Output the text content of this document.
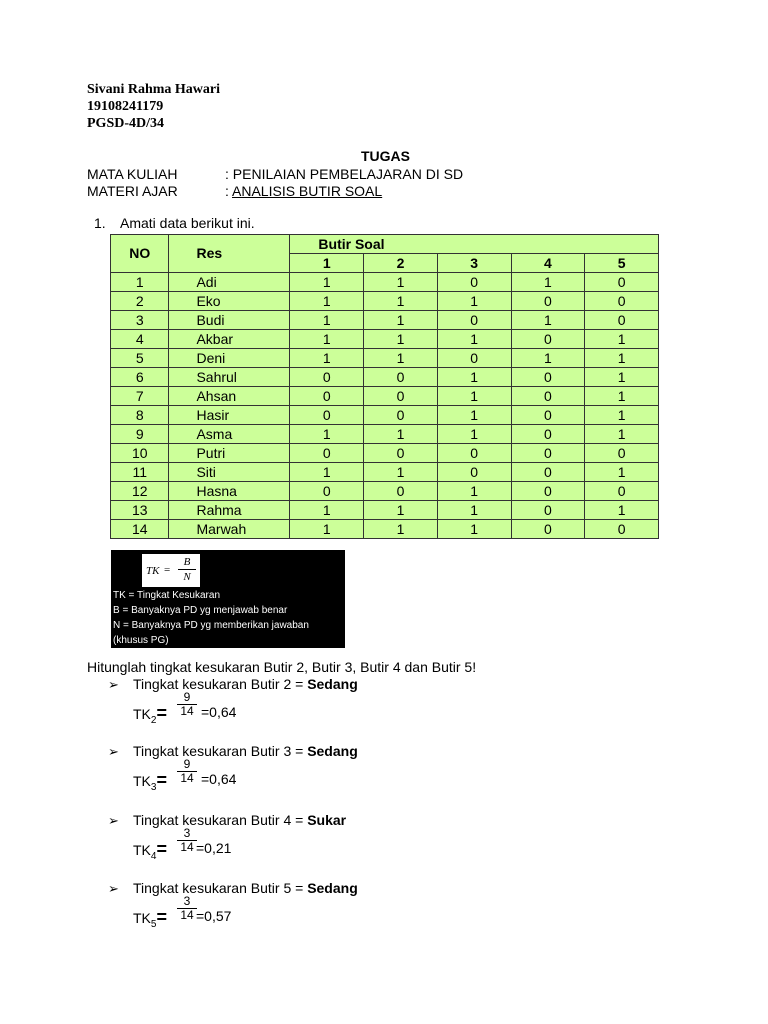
Sivani Rahma Hawari
19108241179
PGSD-4D/34
TUGAS
MATA KULIAH	: PENILAIAN PEMBELAJARAN DI SD
MATERI AJAR	: ANALISIS BUTIR SOAL
1. Amati data berikut ini.
NO	Res	Butir Soal				
		1	2	3	4	5
1	Adi	1	1	0	1	0
2	Eko	1	1	1	0	0
3	Budi	1	1	0	1	0
4	Akbar	1	1	1	0	1
5	Deni	1	1	0	1	1
6	Sahrul	0	0	1	0	1
7	Ahsan	0	0	1	0	1
8	Hasir	0	0	1	0	1
9	Asma	1	1	1	0	1
10	Putri	0	0	0	0	0
11	Siti	1	1	0	0	1
12	Hasna	0	0	1	0	0
13	Rahma	1	1	1	0	1
14	Marwah	1	1	1	0	0
TK =
B
N
TK = Tingkat Kesukaran
B = Banyaknya PD yg menjawab benar
N = Banyaknya PD yg memberikan jawaban
(khusus PG)
Hitunglah tingkat kesukaran Butir 2, Butir 3, Butir 4 dan Butir 5!
➢ Tingkat kesukaran Butir 2 = Sedang
$TK_2=$
9
14 =0,64
➢ Tingkat kesukaran Butir 3 = Sedang
$TK_3=$
9
14 =0,64
➢ Tingkat kesukaran Butir 4 = Sukar
$TK_4=$
3
14 =0,21
➢ Tingkat kesukaran Butir 5 = Sedang
$TK_5=$
3
14 =0,57
